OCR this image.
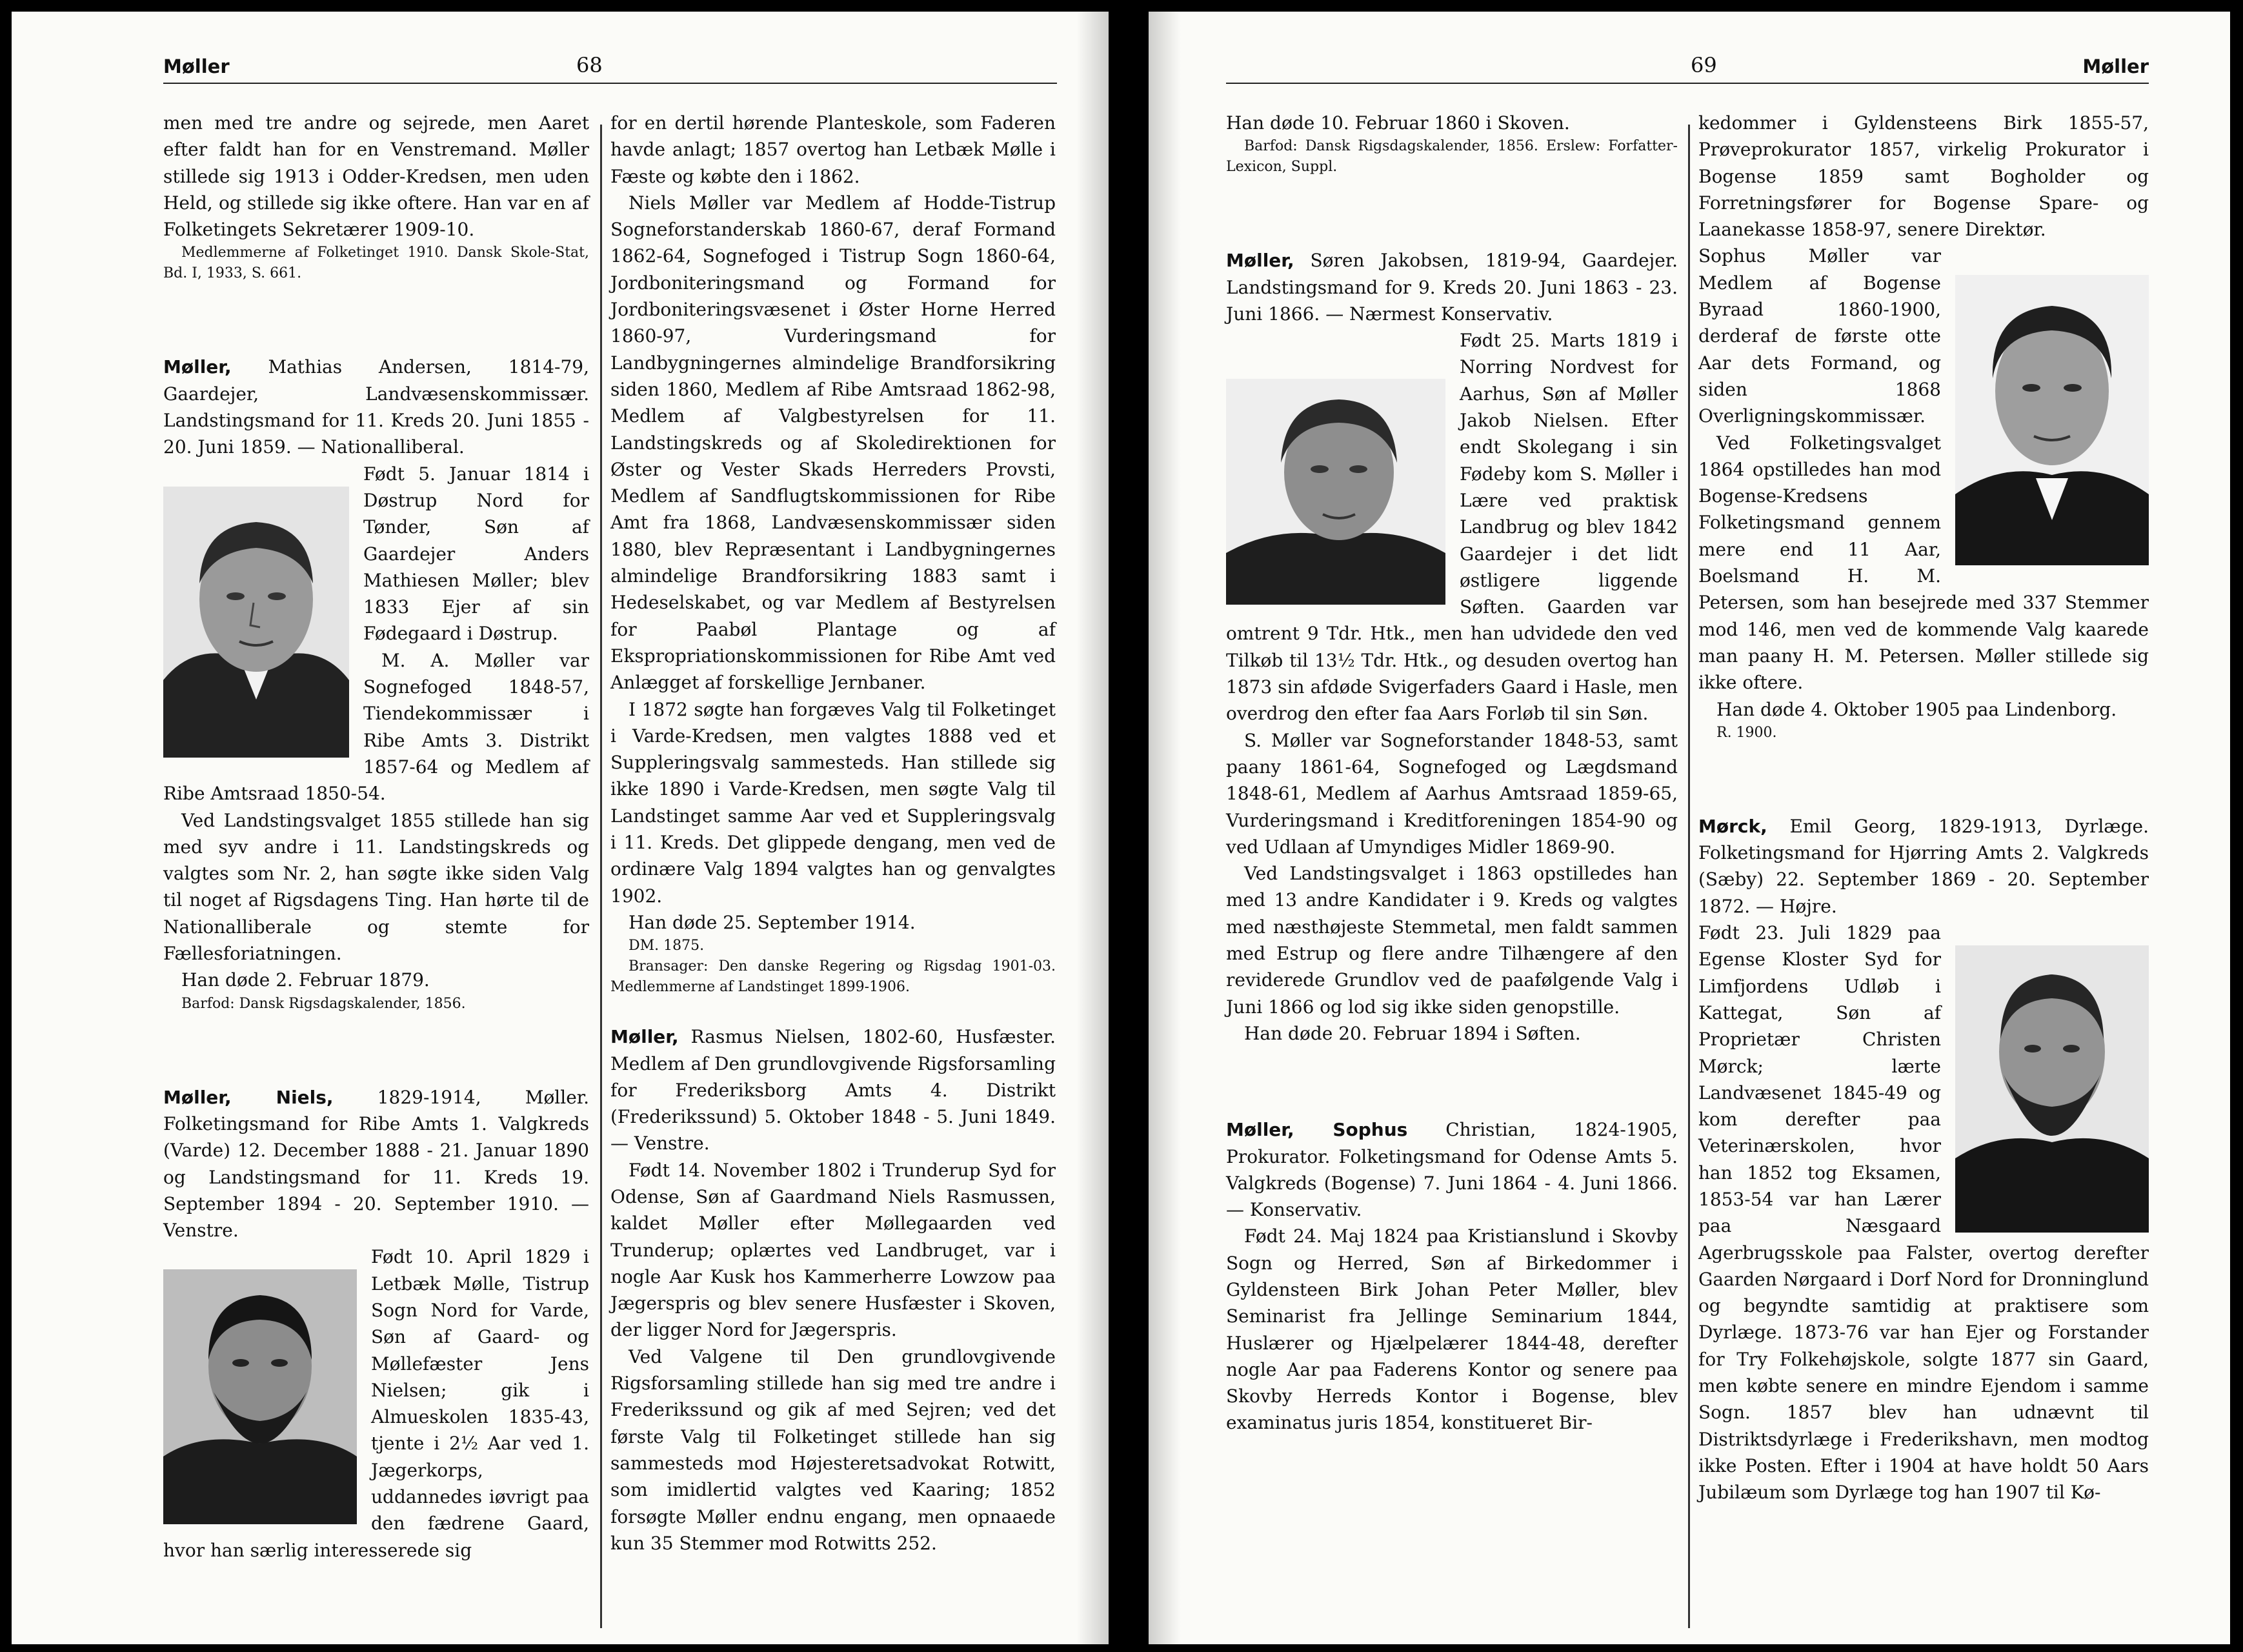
Møller	68

men med tre andre og sejrede, men Aaret efter faldt han for en Venstremand. Møller stillede sig 1913 i Odder-Kredsen, men uden Held, og stillede sig ikke oftere. Han var en af Folketingets Sekretærer 1909-10.

Medlemmerne af Folketinget 1910. Dansk Skole-Stat, Bd. I, 1933, S. 661.

Møller, Mathias Andersen, 1814-79, Gaardejer, Landvæsenskommissær. Landstingsmand for 11. Kreds 20. Juni 1855 - 20. Juni 1859. — Nationalliberal.

Født 5. Januar 1814 i Døstrup Nord for Tønder, Søn af Gaardejer Anders Mathiesen Møller; blev 1833 Ejer af sin Fødegaard i Døstrup.

M. A. Møller var Sognefoged 1848-57, Tiendekommissær i Ribe Amts 3. Distrikt 1857-64 og Medlem af Ribe Amtsraad 1850-54.

Ved Landstingsvalget 1855 stillede han sig med syv andre i 11. Landstingskreds og valgtes som Nr. 2, han søgte ikke siden Valg til noget af Rigsdagens Ting. Han hørte til de Nationalliberale og stemte for Fællesforiatningen.

Han døde 2. Februar 1879.

Barfod: Dansk Rigsdagskalender, 1856.

Møller, Niels, 1829-1914, Møller. Folketingsmand for Ribe Amts 1. Valgkreds (Varde) 12. December 1888 - 21. Januar 1890 og Landstingsmand for 11. Kreds 19. September 1894 - 20. September 1910. — Venstre.

Født 10. April 1829 i Letbæk Mølle, Tistrup Sogn Nord for Varde, Søn af Gaard- og Møllefæster Jens Nielsen; gik i Almueskolen 1835-43, tjente i 2½ Aar ved 1. Jægerkorps, uddannedes iøvrigt paa den fædrene Gaard, hvor han særlig interesserede sig

for en dertil hørende Planteskole, som Faderen havde anlagt; 1857 overtog han Letbæk Mølle i Fæste og købte den i 1862.

Niels Møller var Medlem af Hodde-Tistrup Sogneforstanderskab 1860-67, deraf Formand 1862-64, Sognefoged i Tistrup Sogn 1860-64, Jordboniteringsmand og Formand for Jordboniteringsvæsenet i Øster Horne Herred 1860-97, Vurderingsmand for Landbygningernes almindelige Brandforsikring siden 1860, Medlem af Ribe Amtsraad 1862-98, Medlem af Valgbestyrelsen for 11. Landstingskreds og af Skoledirektionen for Øster og Vester Skads Herreders Provsti, Medlem af Sandflugtskommissionen for Ribe Amt fra 1868, Landvæsenskommissær siden 1880, blev Repræsentant i Landbygningernes almindelige Brandforsikring 1883 samt i Hedeselskabet, og var Medlem af Bestyrelsen for Paabøl Plantage og af Ekspropriationskommissionen for Ribe Amt ved Anlægget af forskellige Jernbaner.

I 1872 søgte han forgæves Valg til Folketinget i Varde-Kredsen, men valgtes 1888 ved et Suppleringsvalg sammesteds. Han stillede sig ikke 1890 i Varde-Kredsen, men søgte Valg til Landstinget samme Aar ved et Suppleringsvalg i 11. Kreds. Det glippede dengang, men ved de ordinære Valg 1894 valgtes han og genvalgtes 1902.

Han døde 25. September 1914.

DM. 1875.

Bransager: Den danske Regering og Rigsdag 1901-03. Medlemmerne af Landstinget 1899-1906.

Møller, Rasmus Nielsen, 1802-60, Husfæster. Medlem af Den grundlovgivende Rigsforsamling for Frederiksborg Amts 4. Distrikt (Frederikssund) 5. Oktober 1848 - 5. Juni 1849. — Venstre.

Født 14. November 1802 i Trunderup Syd for Odense, Søn af Gaardmand Niels Rasmussen, kaldet Møller efter Møllegaarden ved Trunderup; oplærtes ved Landbruget, var i nogle Aar Kusk hos Kammerherre Lowzow paa Jægerspris og blev senere Husfæster i Skoven, der ligger Nord for Jægerspris.

Ved Valgene til Den grundlovgivende Rigsforsamling stillede han sig med tre andre i Frederikssund og gik af med Sejren; ved det første Valg til Folketinget stillede han sig sammesteds mod Højesteretsadvokat Rotwitt, som imidlertid valgtes ved Kaaring; 1852 forsøgte Møller endnu engang, men opnaaede kun 35 Stemmer mod Rotwitts 252.

69	Møller

Han døde 10. Februar 1860 i Skoven.

Barfod: Dansk Rigsdagskalender, 1856. Erslew: Forfatter-Lexicon, Suppl.

Møller, Søren Jakobsen, 1819-94, Gaardejer. Landstingsmand for 9. Kreds 20. Juni 1863 - 23. Juni 1866. — Nærmest Konservativ.

Født 25. Marts 1819 i Norring Nordvest for Aarhus, Søn af Møller Jakob Nielsen. Efter endt Skolegang i sin Fødeby kom S. Møller i Lære ved praktisk Landbrug og blev 1842 Gaardejer i det lidt østligere liggende Søften. Gaarden var omtrent 9 Tdr. Htk., men han udvidede den ved Tilkøb til 13½ Tdr. Htk., og desuden overtog han 1873 sin afdøde Svigerfaders Gaard i Hasle, men overdrog den efter faa Aars Forløb til sin Søn.

S. Møller var Sogneforstander 1848-53, samt paany 1861-64, Sognefoged og Lægdsmand 1848-61, Medlem af Aarhus Amtsraad 1859-65, Vurderingsmand i Kreditforeningen 1854-90 og ved Udlaan af Umyndiges Midler 1869-90.

Ved Landstingsvalget i 1863 opstilledes han med 13 andre Kandidater i 9. Kreds og valgtes med næsthøjeste Stemmetal, men faldt sammen med Estrup og flere andre Tilhængere af den reviderede Grundlov ved de paafølgende Valg i Juni 1866 og lod sig ikke siden genopstille.

Han døde 20. Februar 1894 i Søften.

Møller, Sophus Christian, 1824-1905, Prokurator. Folketingsmand for Odense Amts 5. Valgkreds (Bogense) 7. Juni 1864 - 4. Juni 1866. — Konservativ.

Født 24. Maj 1824 paa Kristianslund i Skovby Sogn og Herred, Søn af Birkedommer i Gyldensteen Birk Johan Peter Møller, blev Seminarist fra Jellinge Seminarium 1844, Huslærer og Hjælpelærer 1844-48, derefter nogle Aar paa Faderens Kontor og senere paa Skovby Herreds Kontor i Bogense, blev examinatus juris 1854, konstitueret Bir-

kedommer i Gyldensteens Birk 1855-57, Prøveprokurator 1857, virkelig Prokurator i Bogense 1859 samt Bogholder og Forretningsfører for Bogense Spare- og Laanekasse 1858-97, senere Direktør.

Sophus Møller var Medlem af Bogense Byraad 1860-1900, derderaf de første otte Aar dets Formand, og siden 1868 Overligningskommissær.

Ved Folketingsvalget 1864 opstilledes han mod Bogense-Kredsens Folketingsmand gennem mere end 11 Aar, Boelsmand H. M. Petersen, som han besejrede med 337 Stemmer mod 146, men ved de kommende Valg kaarede man paany H. M. Petersen. Møller stillede sig ikke oftere.

Han døde 4. Oktober 1905 paa Lindenborg.

R. 1900.

Mørck, Emil Georg, 1829-1913, Dyrlæge. Folketingsmand for Hjørring Amts 2. Valgkreds (Sæby) 22. September 1869 - 20. September 1872. — Højre.

Født 23. Juli 1829 paa Egense Kloster Syd for Limfjordens Udløb i Kattegat, Søn af Proprietær Christen Mørck; lærte Landvæsenet 1845-49 og kom derefter paa Veterinærskolen, hvor han 1852 tog Eksamen, 1853-54 var han Lærer paa Næsgaard Agerbrugsskole paa Falster, overtog derefter Gaarden Nørgaard i Dorf Nord for Dronninglund og begyndte samtidig at praktisere som Dyrlæge. 1873-76 var han Ejer og Forstander for Try Folkehøjskole, solgte 1877 sin Gaard, men købte senere en mindre Ejendom i samme Sogn. 1857 blev han udnævnt til Distriktsdyrlæge i Frederikshavn, men modtog ikke Posten. Efter i 1904 at have holdt 50 Aars Jubilæum som Dyrlæge tog han 1907 til Kø-
